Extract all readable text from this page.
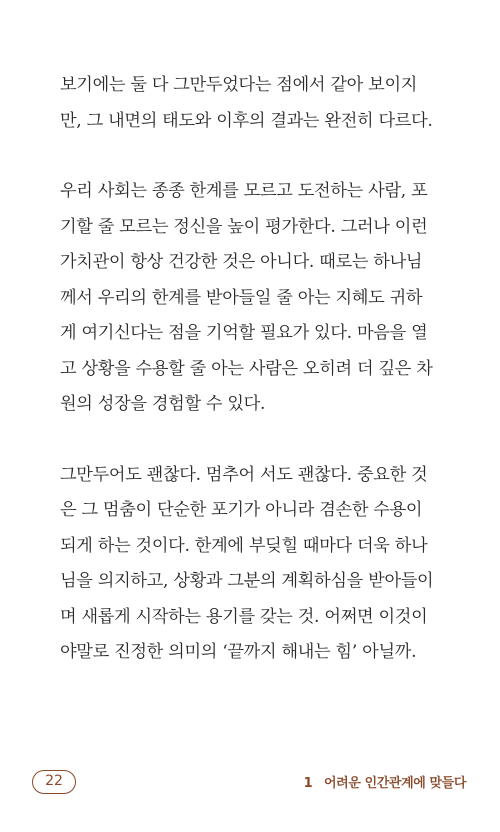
보기에는 둘 다 그만두었다는 점에서 같아 보이지
만, 그 내면의 태도와 이후의 결과는 완전히 다르다.

우리 사회는 종종 한계를 모르고 도전하는 사람, 포
기할 줄 모르는 정신을 높이 평가한다. 그러나 이런
가치관이 항상 건강한 것은 아니다. 때로는 하나님
께서 우리의 한계를 받아들일 줄 아는 지혜도 귀하
게 여기신다는 점을 기억할 필요가 있다. 마음을 열
고 상황을 수용할 줄 아는 사람은 오히려 더 깊은 차
원의 성장을 경험할 수 있다.

그만두어도 괜찮다. 멈추어 서도 괜찮다. 중요한 것
은 그 멈춤이 단순한 포기가 아니라 겸손한 수용이
되게 하는 것이다. 한계에 부딪힐 때마다 더욱 하나
님을 의지하고, 상황과 그분의 계획하심을 받아들이
며 새롭게 시작하는 용기를 갖는 것. 어쩌면 이것이
야말로 진정한 의미의 ‘끝까지 해내는 힘’ 아닐까.

22	1 어려운 인간관계에 맞들다
